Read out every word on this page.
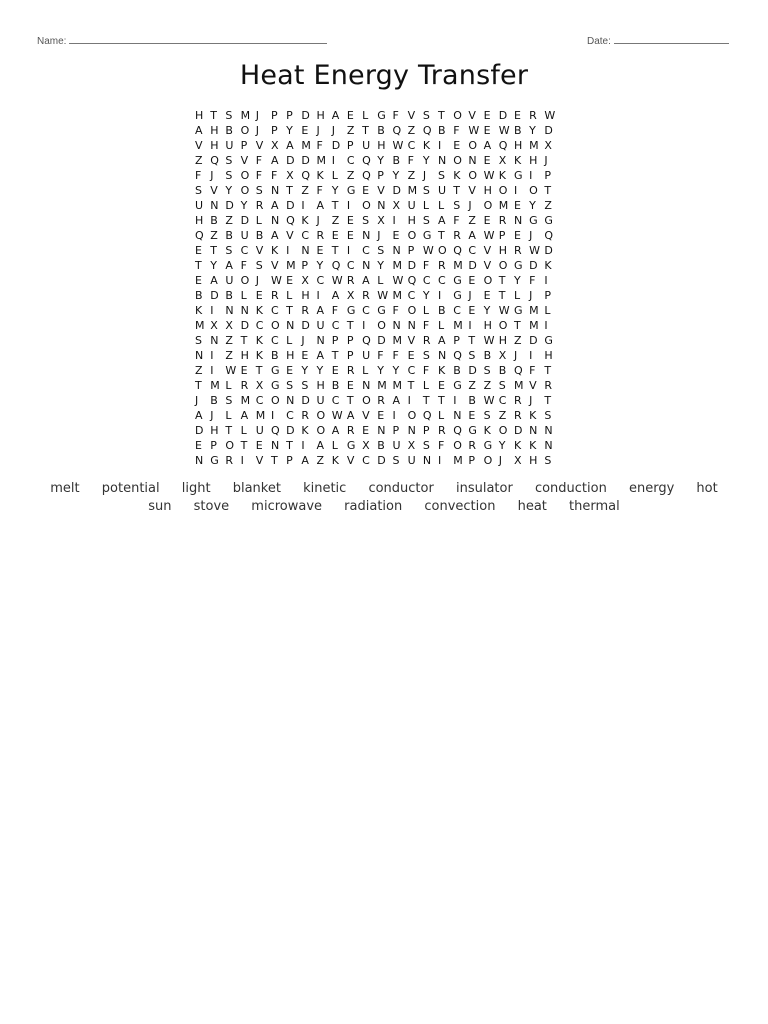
Name:	Date:
Heat Energy Transfer
H T S M J	P P D H A E L G F V S T O V E D E R W
A H B O J	P Y E J	J	Z T B Q Z Q B F W E W B Y D
V H U P V X A M F D P U H W C K I	E O A Q H M X
Z Q S V F A D D M I	C Q Y B F Y N O N E X K H J
F J	S O F F X Q K L Z Q P Y Z J	S K O W K G I	P
S V Y O S N T Z F Y G E V D M S U T V H O I	O T
U N D Y R A D I	A T I	O N X U L L S J	O M E Y Z
H B Z D L N Q K J	Z E S X I	H S A F Z E R N G G
Q Z B U B A V C R E E N J	E O G T R A W P E J	Q
E T S C V K I	N E T I	C S N P W O Q C V H R W D
T Y A F S V M P Y Q C N Y M D F R M D V O G D K
E A U O J	W E X C W R A L W Q C C G E O T Y F I
B D B L E R L H I	A X R W M C Y I	G J	E T L J	P
K I	N N K C T R A F G C G F O L B C E Y W G M L
M X X D C O N D U C T I	O N N F L M I	H O T M I
S N Z T K C L J	N P P Q D M V R A P T W H Z D G
N I	Z H K B H E A T P U F F E S N Q S B X J	I	H
Z I	W E T G E Y Y E R L Y Y C F K B D S B Q F T
T M L R X G S S H B E N M M T L E G Z Z S M V R
J	B S M C O N D U C T O R A I	T T I	B W C R J	T
A J	L A M I	C R O W A V E I	O Q L N E S Z R K S
D H T L U Q D K O A R E N P N P R Q G K O D N N
E P O T E N T I	A L G X B U X S F O R G Y K K N
N G R I	V T P A Z K V C D S U N I	M P O J	X H S
melt potential light blanket kinetic conductor insulator conduction energy hot sun stove microwave radiation convection heat thermal
